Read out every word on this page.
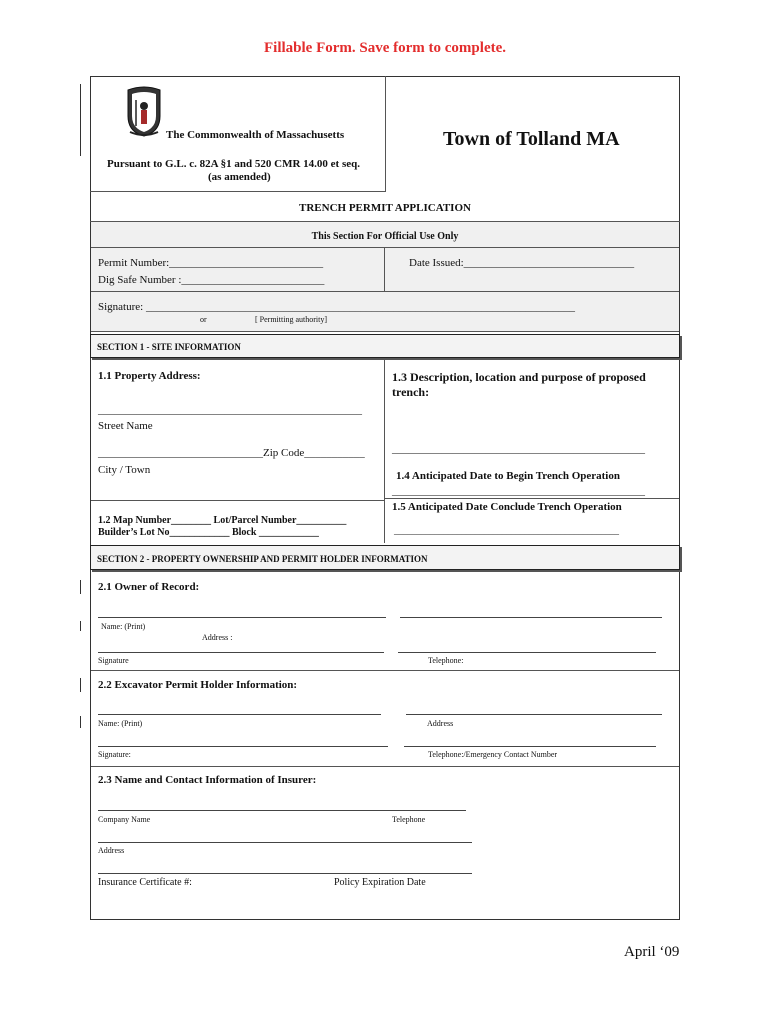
Fillable Form. Save form to complete.
The Commonwealth of Massachusetts
Pursuant to G.L. c. 82A §1 and 520 CMR 14.00 et seq.
(as amended)
Town of Tolland MA
TRENCH PERMIT APPLICATION
This Section For Official Use Only
Permit Number:____________________________
Dig Safe Number :__________________________
Date Issued:_______________________________
Signature: ______________________________________________________________________________
or	[ Permitting authority]
SECTION 1 - SITE INFORMATION
1.1 Property Address:
________________________________________________
Street Name
______________________________Zip Code___________
City / Town
1.2 Map Number________ Lot/Parcel Number__________
Builder’s Lot No____________ Block ____________
1.3 Description, location and purpose of proposed
trench:
______________________________________________
1.4 Anticipated Date to Begin Trench Operation
______________________________________________
1.5 Anticipated Date Conclude Trench Operation
__________________________________________________
SECTION 2 - PROPERTY OWNERSHIP AND PERMIT HOLDER INFORMATION
2.1 Owner of Record:
Name: (Print)
Address :
Signature	Telephone:
2.2 Excavator Permit Holder Information:
Name: (Print)	Address
Signature:	Telephone:/Emergency Contact Number
2.3 Name and Contact Information of Insurer:
Company Name	Telephone
Address
Insurance Certificate #:	Policy Expiration Date
April ‘09
